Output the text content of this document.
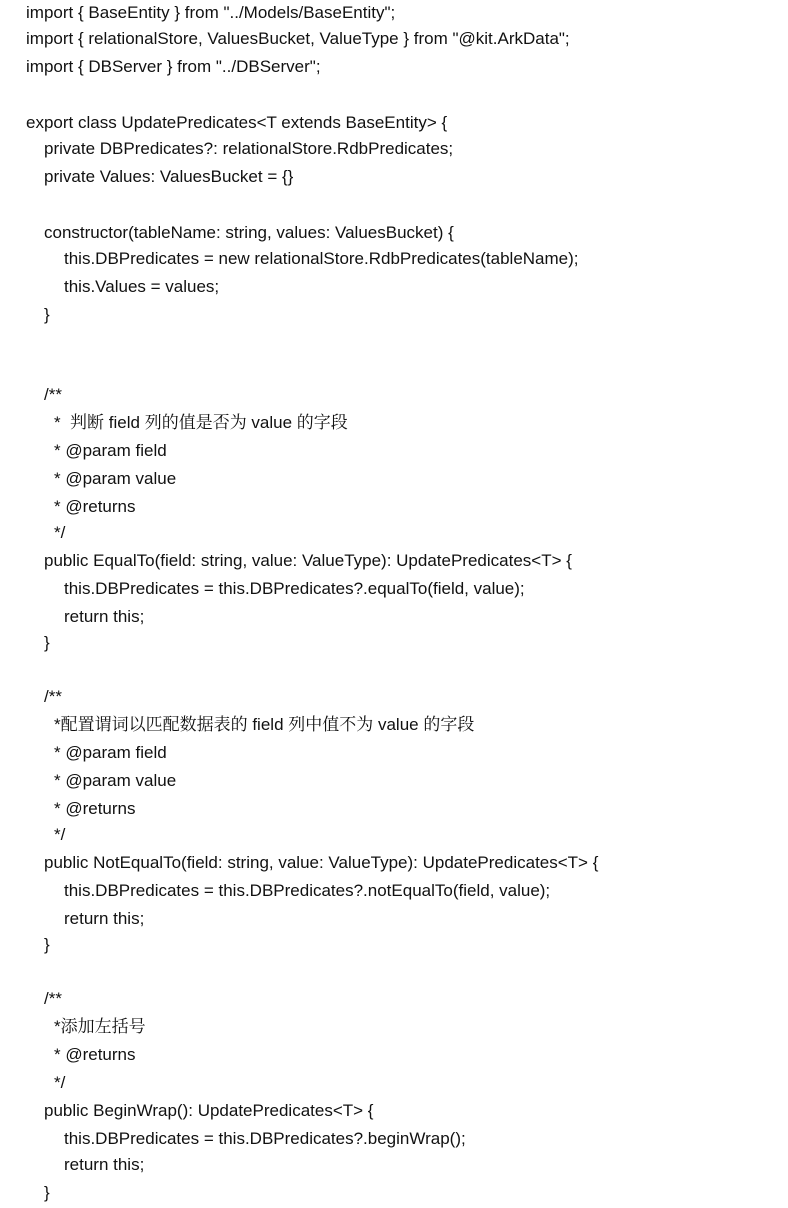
import { BaseEntity } from "../Models/BaseEntity";
import { relationalStore, ValuesBucket, ValueType } from "@kit.ArkData";
import { DBServer } from "../DBServer";
export class UpdatePredicates<T extends BaseEntity> {
private DBPredicates?: relationalStore.RdbPredicates;
private Values: ValuesBucket = {}
constructor(tableName: string, values: ValuesBucket) {
this.DBPredicates = new relationalStore.RdbPredicates(tableName);
this.Values = values;
}
/**
*  判断 field 列的值是否为 value 的字段
* @param field
* @param value
* @returns
*/
public EqualTo(field: string, value: ValueType): UpdatePredicates<T> {
this.DBPredicates = this.DBPredicates?.equalTo(field, value);
return this;
}
/**
*配置谓词以匹配数据表的 field 列中值不为 value 的字段
* @param field
* @param value
* @returns
*/
public NotEqualTo(field: string, value: ValueType): UpdatePredicates<T> {
this.DBPredicates = this.DBPredicates?.notEqualTo(field, value);
return this;
}
/**
*添加左括号
* @returns
*/
public BeginWrap(): UpdatePredicates<T> {
this.DBPredicates = this.DBPredicates?.beginWrap();
return this;
}
